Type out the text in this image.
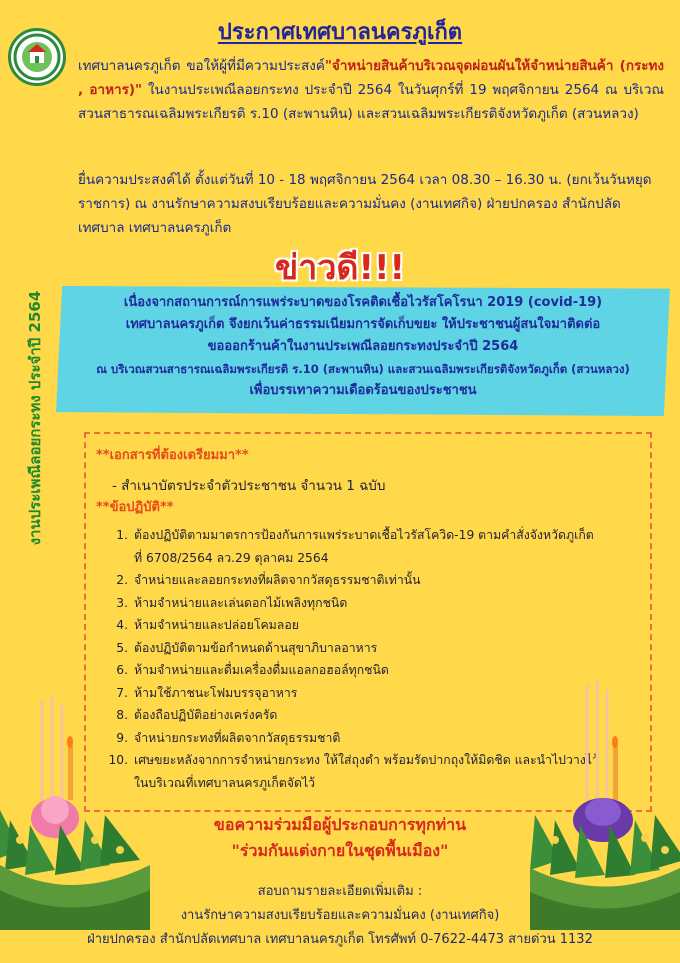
ประกาศเทศบาลนครภูเก็ต
งานประเพณีลอยกระทง ประจำปี 2564
เทศบาลนครภูเก็ต ขอให้ผู้ที่มีความประสงค์"จำหน่ายสินค้าบริเวณจุดผ่อนผันให้จำหน่ายสินค้า (กระทง , อาหาร)" ในงานประเพณีลอยกระทง ประจำปี 2564 ในวันศุกร์ที่ 19 พฤศจิกายน 2564 ณ บริเวณสวนสาธารณเฉลิมพระเกียรติ ร.10 (สะพานหิน) และสวนเฉลิมพระเกียรติจังหวัดภูเก็ต (สวนหลวง)
ยื่นความประสงค์ได้ ตั้งแต่วันที่ 10 - 18 พฤศจิกายน 2564 เวลา 08.30 – 16.30 น. (ยกเว้นวันหยุดราชการ) ณ งานรักษาความสงบเรียบร้อยและความมั่นคง (งานเทศกิจ) ฝ่ายปกครอง สำนักปลัดเทศบาล เทศบาลนครภูเก็ต
ข่าวดี!!!
เนื่องจากสถานการณ์การแพร่ระบาดของโรคติดเชื้อไวรัสโคโรนา 2019 (covid-19)
เทศบาลนครภูเก็ต จึงยกเว้นค่าธรรมเนียมการจัดเก็บขยะ ให้ประชาชนผู้สนใจมาติดต่อ
ขอออกร้านค้าในงานประเพณีลอยกระทงประจำปี 2564
ณ บริเวณสวนสาธารณเฉลิมพระเกียรติ ร.10 (สะพานหิน) และสวนเฉลิมพระเกียรติจังหวัดภูเก็ต (สวนหลวง)
เพื่อบรรเทาความเดือดร้อนของประชาชน
**เอกสารที่ต้องเตรียมมา**
- สำเนาบัตรประจำตัวประชาชน จำนวน 1 ฉบับ
**ข้อปฏิบัติ**
1. ต้องปฏิบัติตามมาตรการป้องกันการแพร่ระบาดเชื้อไวรัสโควิด-19 ตามคำสั่งจังหวัดภูเก็ต
ที่ 6708/2564 ลว.29 ตุลาคม 2564
2. จำหน่ายและลอยกระทงที่ผลิตจากวัสดุธรรมชาติเท่านั้น
3. ห้ามจำหน่ายและเล่นดอกไม้เพลิงทุกชนิด
4. ห้ามจำหน่ายและปล่อยโคมลอย
5. ต้องปฏิบัติตามข้อกำหนดด้านสุขาภิบาลอาหาร
6. ห้ามจำหน่ายและดื่มเครื่องดื่มแอลกอฮอล์ทุกชนิด
7. ห้ามใช้ภาชนะโฟมบรรจุอาหาร
8. ต้องถือปฏิบัติอย่างเคร่งครัด
9. จำหน่ายกระทงที่ผลิตจากวัสดุธรรมชาติ
10. เศษขยะหลังจากการจำหน่ายกระทง ให้ใส่ถุงดำ พร้อมรัดปากถุงให้มิดชิด และนำไปวางไว้
ในบริเวณที่เทศบาลนครภูเก็ตจัดไว้
ขอความร่วมมือผู้ประกอบการทุกท่าน
"ร่วมกันแต่งกายในชุดพื้นเมือง"
สอบถามรายละเอียดเพิ่มเติม :
งานรักษาความสงบเรียบร้อยและความมั่นคง (งานเทศกิจ)
ฝ่ายปกครอง สำนักปลัดเทศบาล เทศบาลนครภูเก็ต โทรศัพท์ 0-7622-4473 สายด่วน 1132
